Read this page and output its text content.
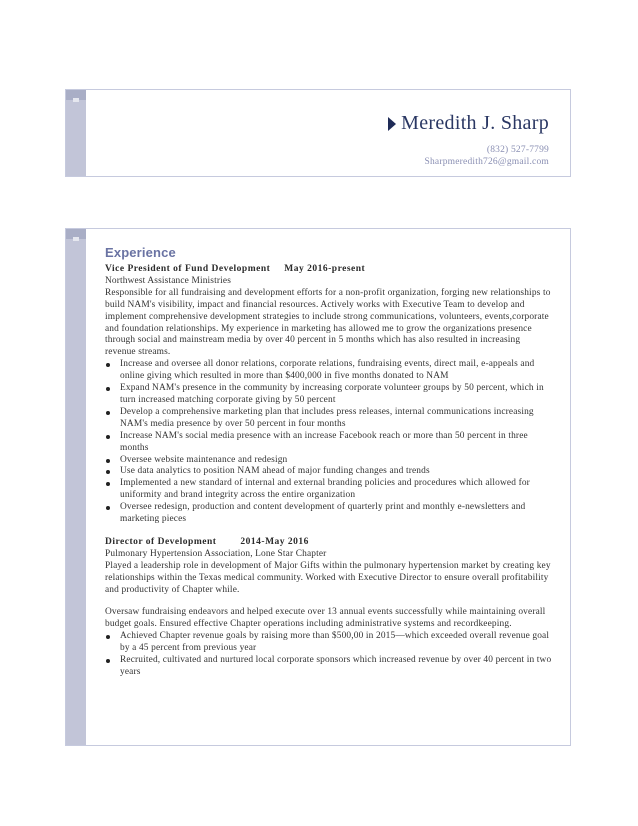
Meredith J. Sharp
(832) 527-7799
Sharpmeredith726@gmail.com
Experience
Vice President of Fund Development May 2016-present
Northwest Assistance Ministries

Responsible for all fundraising and development efforts for a non-profit organization, forging new relationships to build NAM's visibility, impact and financial resources. Actively works with Executive Team to develop and implement comprehensive development strategies to include strong communications, volunteers, events,corporate and foundation relationships. My experience in marketing has allowed me to grow the organizations presence through social and mainstream media by over 40 percent in 5 months which has also resulted in increasing revenue streams.

Increase and oversee all donor relations, corporate relations, fundraising events, direct mail, e-appeals and online giving which resulted in more than $400,000 in five months donated to NAM
Expand NAM's presence in the community by increasing corporate volunteer groups by 50 percent, which in turn increased matching corporate giving by 50 percent
Develop a comprehensive marketing plan that includes press releases, internal communications increasing NAM's media presence by over 50 percent in four months
Increase NAM's social media presence with an increase Facebook reach or more than 50 percent in three months
Oversee website maintenance and redesign
Use data analytics to position NAM ahead of major funding changes and trends
Implemented a new standard of internal and external branding policies and procedures which allowed for uniformity and brand integrity across the entire organization
Oversee redesign, production and content development of quarterly print and monthly e-newsletters and marketing pieces
Director of Development	2014-May 2016
Pulmonary Hypertension Association, Lone Star Chapter

Played a leadership role in development of Major Gifts within the pulmonary hypertension market by creating key relationships within the Texas medical community. Worked with Executive Director to ensure overall profitability and productivity of Chapter while.

Oversaw fundraising endeavors and helped execute over 13 annual events successfully while maintaining overall budget goals. Ensured effective Chapter operations including administrative systems and recordkeeping.

Achieved Chapter revenue goals by raising more than $500,00 in 2015—which exceeded overall revenue goal by a 45 percent from previous year
Recruited, cultivated and nurtured local corporate sponsors which increased revenue by over 40 percent in two years
